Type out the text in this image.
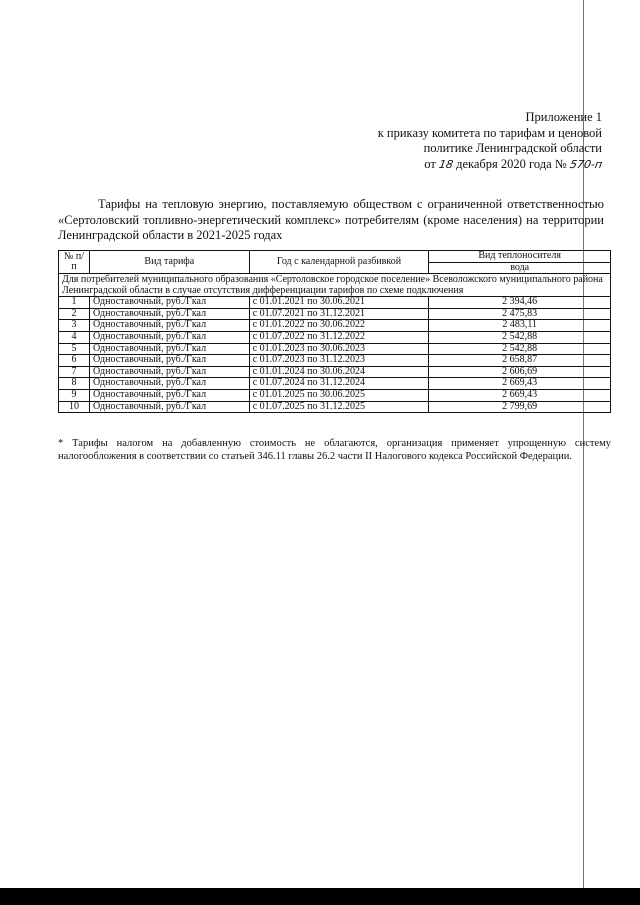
Приложение 1
к приказу комитета по тарифам и ценовой
политике Ленинградской области
от 18 декабря 2020 года № 570-п
Тарифы на тепловую энергию, поставляемую обществом с ограниченной ответственностью «Сертоловский топливно-энергетический комплекс» потребителям (кроме населения) на территории Ленинградской области в 2021-2025 годах
№ п/п	Вид тарифа	Год с календарной разбивкой	Вид теплоносителя
			вода
Для потребителей муниципального образования «Сертоловское городское поселение» Всеволожского муниципального района Ленинградской области в случае отсутствия дифференциации тарифов по схеме подключения			
1	Одноставочный, руб./Гкал	с 01.01.2021 по 30.06.2021	2 394,46
2	Одноставочный, руб./Гкал	с 01.07.2021 по 31.12.2021	2 475,83
3	Одноставочный, руб./Гкал	с 01.01.2022 по 30.06.2022	2 483,11
4	Одноставочный, руб./Гкал	с 01.07.2022 по 31.12.2022	2 542,88
5	Одноставочный, руб./Гкал	с 01.01.2023 по 30.06.2023	2 542,88
6	Одноставочный, руб./Гкал	с 01.07.2023 по 31.12.2023	2 658,87
7	Одноставочный, руб./Гкал	с 01.01.2024 по 30.06.2024	2 606,69
8	Одноставочный, руб./Гкал	с 01.07.2024 по 31.12.2024	2 669,43
9	Одноставочный, руб./Гкал	с 01.01.2025 по 30.06.2025	2 669,43
10	Одноставочный, руб./Гкал	с 01.07.2025 по 31.12.2025	2 799,69
* Тарифы налогом на добавленную стоимость не облагаются, организация применяет упрощенную систему налогообложения в соответствии со статьей 346.11 главы 26.2 части II Налогового кодекса Российской Федерации.
